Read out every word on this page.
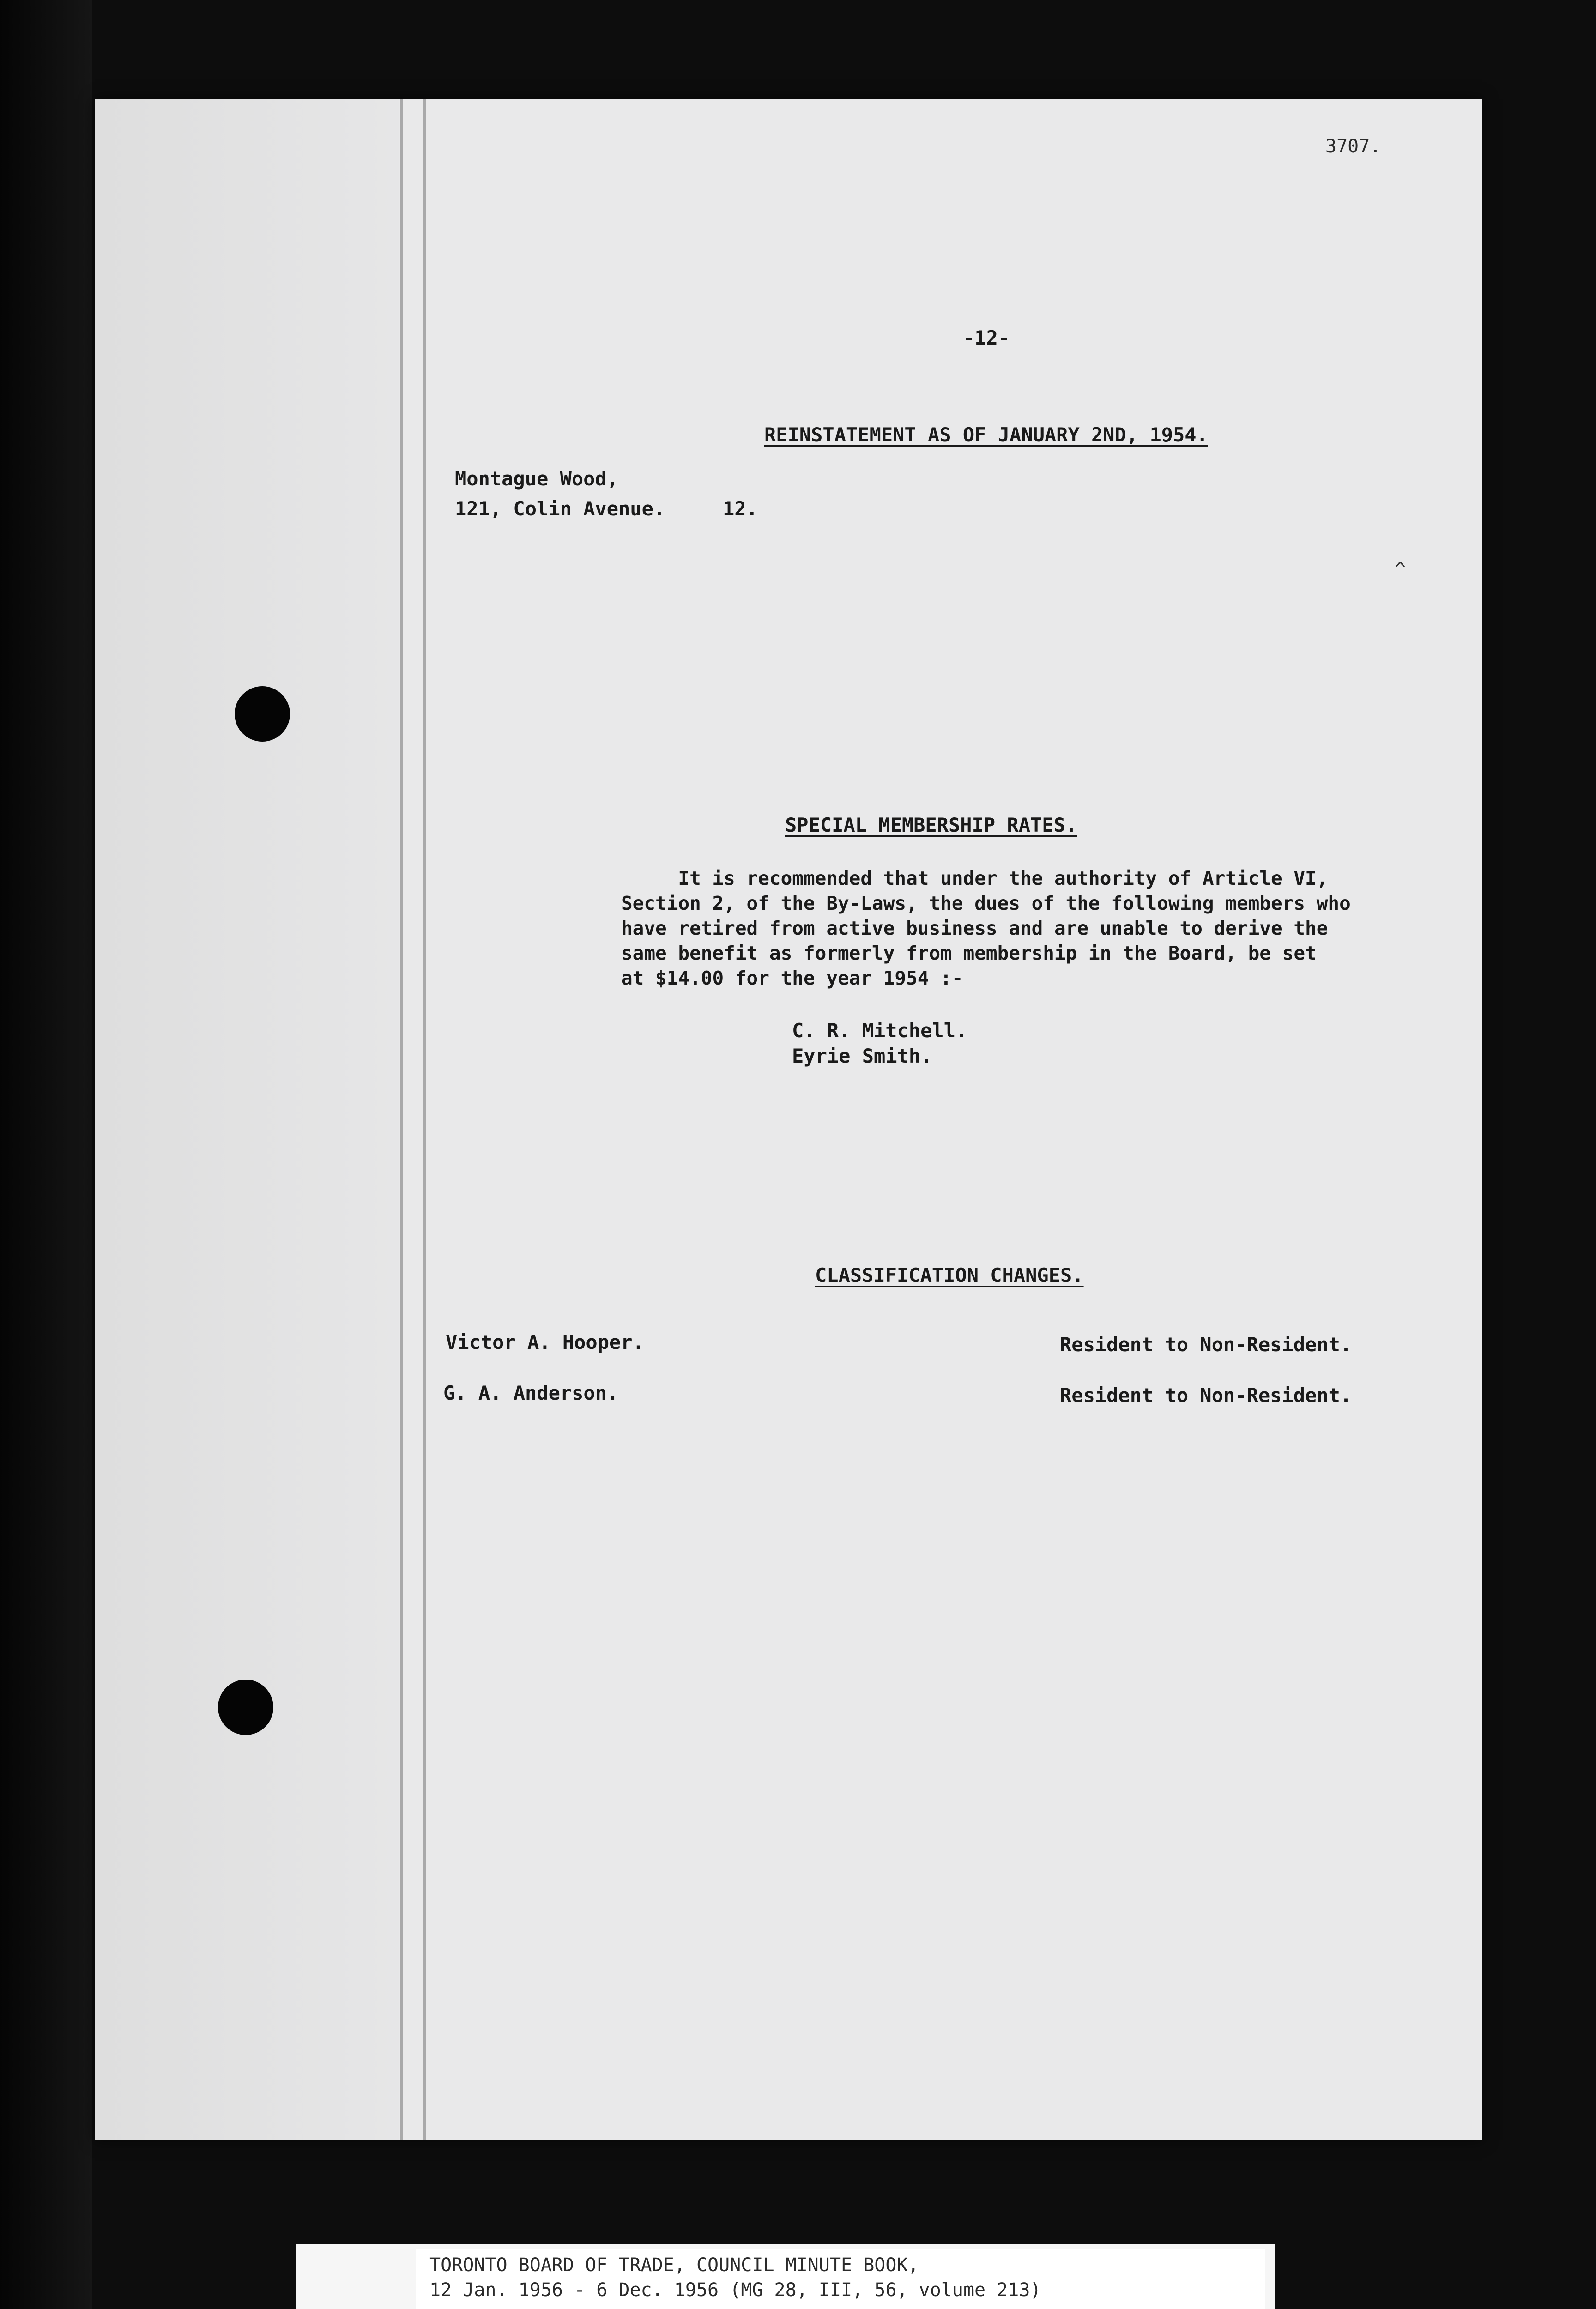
3707.
-12-
REINSTATEMENT AS OF JANUARY 2ND, 1954.
^
Montague Wood,
121, Colin Avenue.	12.
SPECIAL MEMBERSHIP RATES.
It is recommended that under the authority of Article VI,
Section 2, of the By-Laws, the dues of the following members who
have retired from active business and are unable to derive the
same benefit as formerly from membership in the Board, be set
at $14.00 for the year 1954 :-
C. R. Mitchell.
Eyrie Smith.
CLASSIFICATION CHANGES.
Victor A. Hooper.	Resident to Non-Resident.
G. A. Anderson.	Resident to Non-Resident.
TORONTO BOARD OF TRADE, COUNCIL MINUTE BOOK,
12 Jan. 1956 - 6 Dec. 1956 (MG 28, III, 56, volume 213)
